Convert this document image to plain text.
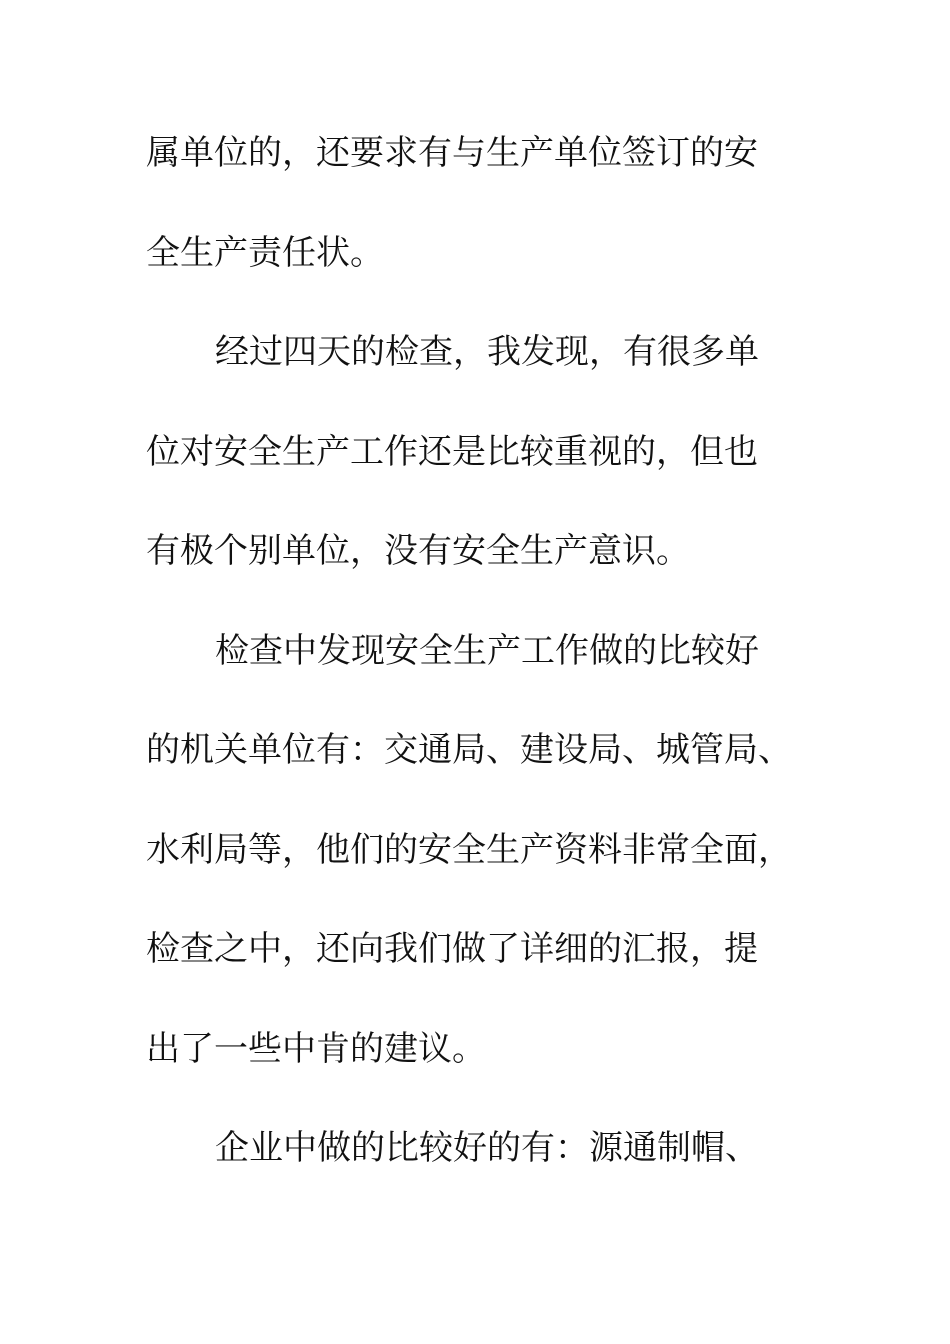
属单位的，还要求有与生产单位签订的安
全生产责任状。
经过四天的检查，我发现，有很多单
位对安全生产工作还是比较重视的，但也
有极个别单位，没有安全生产意识。
检查中发现安全生产工作做的比较好
的机关单位有：交通局、建设局、城管局、
水利局等，他们的安全生产资料非常全面，
检查之中，还向我们做了详细的汇报，提
出了一些中肯的建议。
企业中做的比较好的有：源通制帽、
